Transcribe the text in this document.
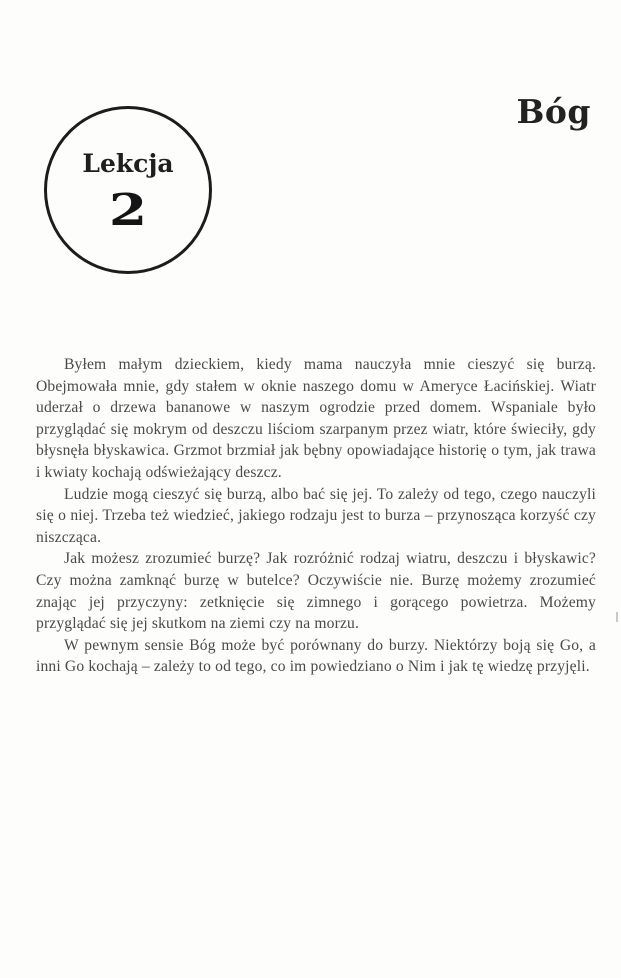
Bóg
Lekcja
2

Byłem małym dzieckiem, kiedy mama nauczyła mnie cieszyć się burzą. Obejmowała mnie, gdy stałem w oknie naszego domu w Ameryce Łacińskiej. Wiatr uderzał o drzewa bananowe w naszym ogrodzie przed domem. Wspaniale było przyglądać się mokrym od deszczu liściom szarpanym przez wiatr, które świeciły, gdy błysnęła błyskawica. Grzmot brzmiał jak bębny opowiadające historię o tym, jak trawa i kwiaty kochają odświeżający deszcz.

Ludzie mogą cieszyć się burzą, albo bać się jej. To zależy od tego, czego nauczyli się o niej. Trzeba też wiedzieć, jakiego rodzaju jest to burza – przynosząca korzyść czy niszcząca.

Jak możesz zrozumieć burzę? Jak rozróżnić rodzaj wiatru, deszczu i błyskawic? Czy można zamknąć burzę w butelce? Oczywiście nie. Burzę możemy zrozumieć znając jej przyczyny: zetknięcie się zimnego i gorącego powietrza. Możemy przyglądać się jej skutkom na ziemi czy na morzu.

W pewnym sensie Bóg może być porównany do burzy. Niektórzy boją się Go, a inni Go kochają – zależy to od tego, co im powiedziano o Nim i jak tę wiedzę przyjęli.
